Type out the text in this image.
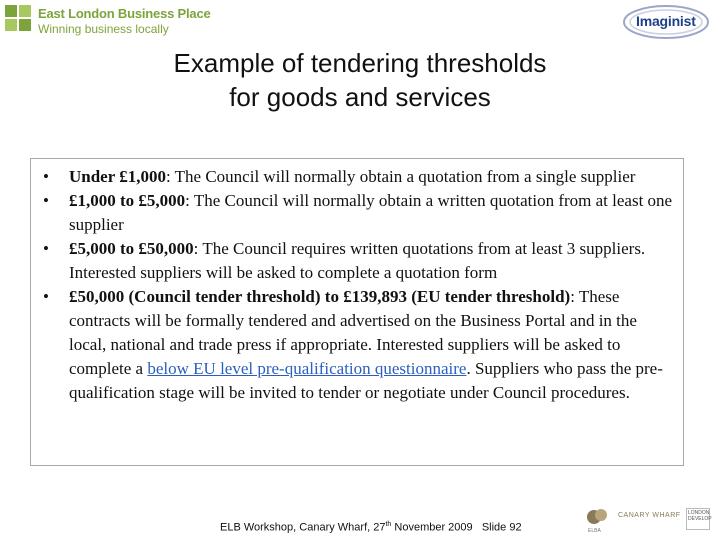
East London Business Place
Winning business locally	Imaginist
Example of tendering thresholds
for goods and services
• Under £1,000: The Council will normally obtain a quotation from a single supplier
• £1,000 to £5,000: The Council will normally obtain a written quotation from at least one supplier
• £5,000 to £50,000: The Council requires written quotations from at least 3 suppliers. Interested suppliers will be asked to complete a quotation form
• £50,000 (Council tender threshold) to £139,893 (EU tender threshold): These contracts will be formally tendered and advertised on the Business Portal and in the local, national and trade press if appropriate. Interested suppliers will be asked to complete a below EU level pre-qualification questionnaire. Suppliers who pass the pre-qualification stage will be invited to tender or negotiate under Council procedures.
ELB Workshop, Canary Wharf, 27th November 2009   Slide 92	ELBA
CANARY WHARF	LONDON DEVELOP
